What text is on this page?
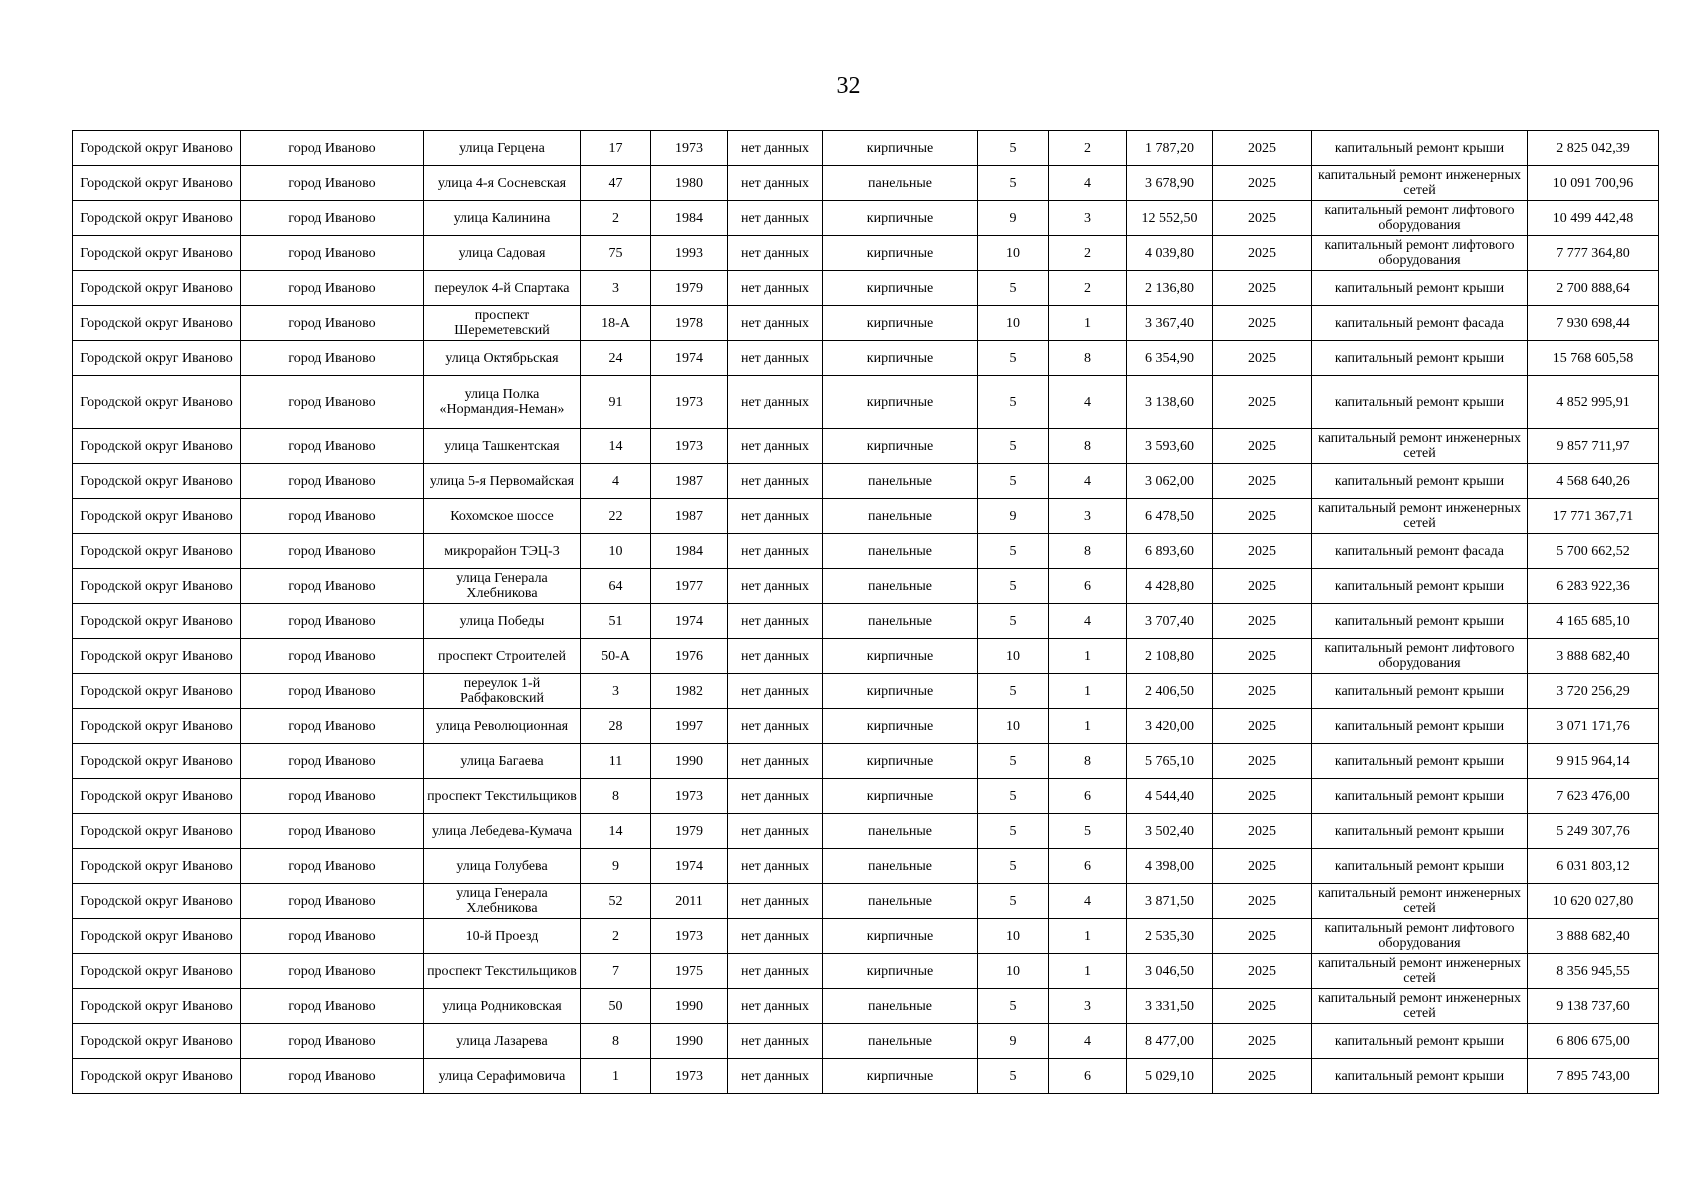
32
Городской округ Иваново	город Иваново	улица Герцена	17	1973	нет данных	кирпичные	5	2	1 787,20	2025	капитальный ремонт крыши	2 825 042,39
Городской округ Иваново	город Иваново	улица 4-я Сосневская	47	1980	нет данных	панельные	5	4	3 678,90	2025	капитальный ремонт инженерных сетей	10 091 700,96
Городской округ Иваново	город Иваново	улица Калинина	2	1984	нет данных	кирпичные	9	3	12 552,50	2025	капитальный ремонт лифтового оборудования	10 499 442,48
Городской округ Иваново	город Иваново	улица Садовая	75	1993	нет данных	кирпичные	10	2	4 039,80	2025	капитальный ремонт лифтового оборудования	7 777 364,80
Городской округ Иваново	город Иваново	переулок 4-й Спартака	3	1979	нет данных	кирпичные	5	2	2 136,80	2025	капитальный ремонт крыши	2 700 888,64
Городской округ Иваново	город Иваново	проспект Шереметевский	18-А	1978	нет данных	кирпичные	10	1	3 367,40	2025	капитальный ремонт фасада	7 930 698,44
Городской округ Иваново	город Иваново	улица Октябрьская	24	1974	нет данных	кирпичные	5	8	6 354,90	2025	капитальный ремонт крыши	15 768 605,58
Городской округ Иваново	город Иваново	улица Полка «Нормандия-Неман»	91	1973	нет данных	кирпичные	5	4	3 138,60	2025	капитальный ремонт крыши	4 852 995,91
Городской округ Иваново	город Иваново	улица Ташкентская	14	1973	нет данных	кирпичные	5	8	3 593,60	2025	капитальный ремонт инженерных сетей	9 857 711,97
Городской округ Иваново	город Иваново	улица 5-я Первомайская	4	1987	нет данных	панельные	5	4	3 062,00	2025	капитальный ремонт крыши	4 568 640,26
Городской округ Иваново	город Иваново	Кохомское шоссе	22	1987	нет данных	панельные	9	3	6 478,50	2025	капитальный ремонт инженерных сетей	17 771 367,71
Городской округ Иваново	город Иваново	микрорайон ТЭЦ-3	10	1984	нет данных	панельные	5	8	6 893,60	2025	капитальный ремонт фасада	5 700 662,52
Городской округ Иваново	город Иваново	улица Генерала Хлебникова	64	1977	нет данных	панельные	5	6	4 428,80	2025	капитальный ремонт крыши	6 283 922,36
Городской округ Иваново	город Иваново	улица Победы	51	1974	нет данных	панельные	5	4	3 707,40	2025	капитальный ремонт крыши	4 165 685,10
Городской округ Иваново	город Иваново	проспект Строителей	50-А	1976	нет данных	кирпичные	10	1	2 108,80	2025	капитальный ремонт лифтового оборудования	3 888 682,40
Городской округ Иваново	город Иваново	переулок 1-й Рабфаковский	3	1982	нет данных	кирпичные	5	1	2 406,50	2025	капитальный ремонт крыши	3 720 256,29
Городской округ Иваново	город Иваново	улица Революционная	28	1997	нет данных	кирпичные	10	1	3 420,00	2025	капитальный ремонт крыши	3 071 171,76
Городской округ Иваново	город Иваново	улица Багаева	11	1990	нет данных	кирпичные	5	8	5 765,10	2025	капитальный ремонт крыши	9 915 964,14
Городской округ Иваново	город Иваново	проспект Текстильщиков	8	1973	нет данных	кирпичные	5	6	4 544,40	2025	капитальный ремонт крыши	7 623 476,00
Городской округ Иваново	город Иваново	улица Лебедева-Кумача	14	1979	нет данных	панельные	5	5	3 502,40	2025	капитальный ремонт крыши	5 249 307,76
Городской округ Иваново	город Иваново	улица Голубева	9	1974	нет данных	панельные	5	6	4 398,00	2025	капитальный ремонт крыши	6 031 803,12
Городской округ Иваново	город Иваново	улица Генерала Хлебникова	52	2011	нет данных	панельные	5	4	3 871,50	2025	капитальный ремонт инженерных сетей	10 620 027,80
Городской округ Иваново	город Иваново	10-й Проезд	2	1973	нет данных	кирпичные	10	1	2 535,30	2025	капитальный ремонт лифтового оборудования	3 888 682,40
Городской округ Иваново	город Иваново	проспект Текстильщиков	7	1975	нет данных	кирпичные	10	1	3 046,50	2025	капитальный ремонт инженерных сетей	8 356 945,55
Городской округ Иваново	город Иваново	улица Родниковская	50	1990	нет данных	панельные	5	3	3 331,50	2025	капитальный ремонт инженерных сетей	9 138 737,60
Городской округ Иваново	город Иваново	улица Лазарева	8	1990	нет данных	панельные	9	4	8 477,00	2025	капитальный ремонт крыши	6 806 675,00
Городской округ Иваново	город Иваново	улица Серафимовича	1	1973	нет данных	кирпичные	5	6	5 029,10	2025	капитальный ремонт крыши	7 895 743,00
